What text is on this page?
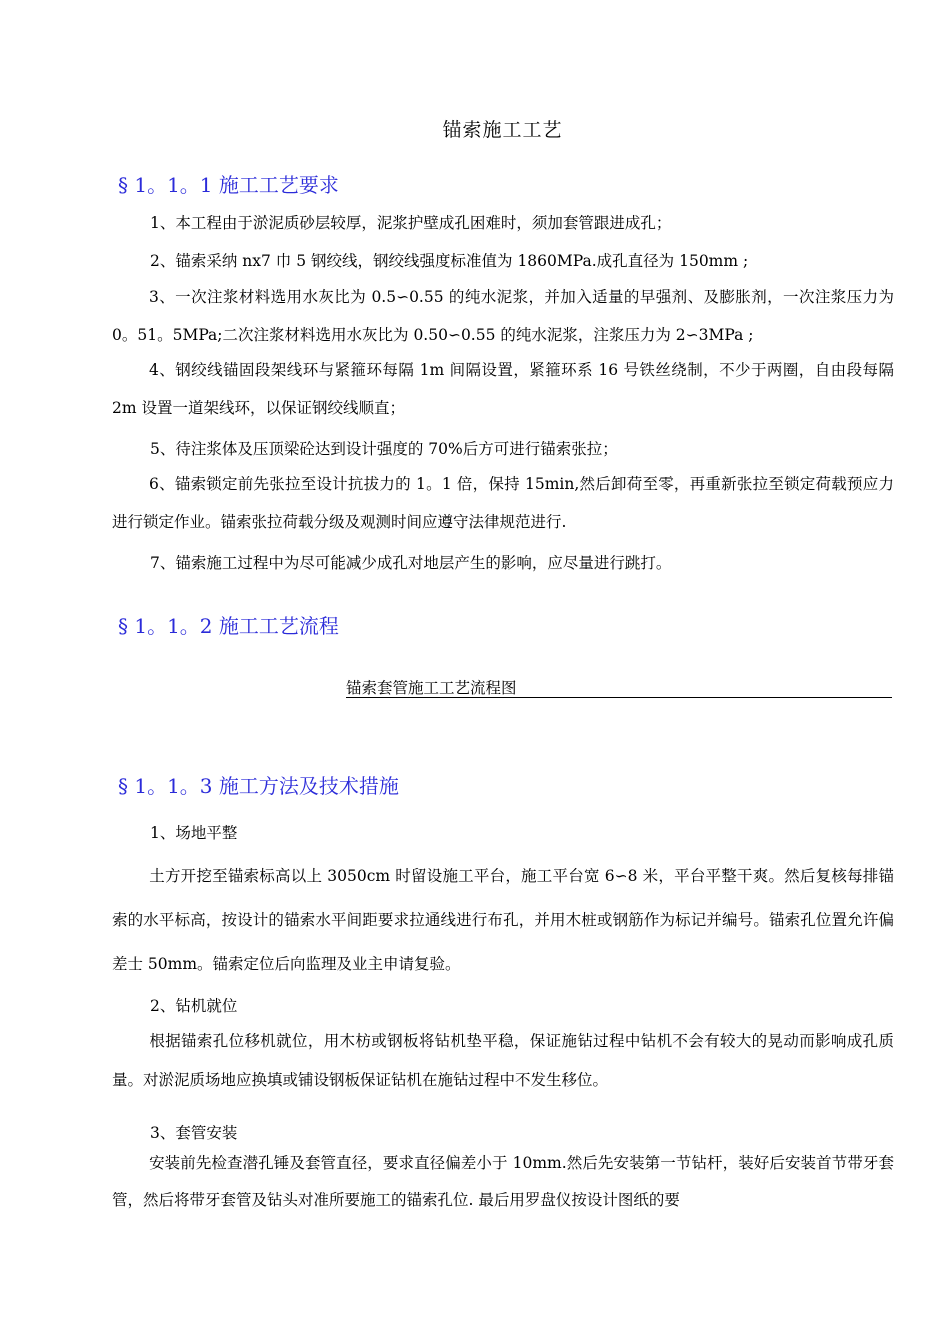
锚索施工工艺
§ 1。1。1 施工工艺要求
1、本工程由于淤泥质砂层较厚，泥浆护壁成孔困难时，须加套管跟进成孔；
2、锚索采纳 nx7 巾 5 钢绞线，钢绞线强度标准值为 1860MPa.成孔直径为 150mm ;
3、一次注浆材料选用水灰比为 0.5∽0.55 的纯水泥浆，并加入适量的早强剂、及膨胀剂，一次注浆压力为 0。51。5MPa;二次注浆材料选用水灰比为 0.50∽0.55 的纯水泥浆，注浆压力为 2∽3MPa ;
4、钢绞线锚固段架线环与紧箍环每隔 1m 间隔设置，紧箍环系 16 号铁丝绕制，不少于两圈，自由段每隔 2m 设置一道架线环，以保证钢绞线顺直；
5、待注浆体及压顶梁砼达到设计强度的 70%后方可进行锚索张拉；
6、锚索锁定前先张拉至设计抗拔力的 1。1 倍，保持 15min,然后卸荷至零，再重新张拉至锁定荷载预应力进行锁定作业。锚索张拉荷载分级及观测时间应遵守法律规范进行.
7、锚索施工过程中为尽可能减少成孔对地层产生的影响，应尽量进行跳打。
§ 1。1。2 施工工艺流程
锚索套管施工工艺流程图
§ 1。1。3 施工方法及技术措施
1、场地平整
土方开挖至锚索标高以上 3050cm 时留设施工平台，施工平台宽 6∽8 米，平台平整干爽。然后复核每排锚索的水平标高，按设计的锚索水平间距要求拉通线进行布孔，并用木桩或钢筋作为标记并编号。锚索孔位置允许偏差士 50mm。锚索定位后向监理及业主申请复验。
2、钻机就位
根据锚索孔位移机就位，用木枋或钢板将钻机垫平稳，保证施钻过程中钻机不会有较大的晃动而影响成孔质量。对淤泥质场地应换填或铺设钢板保证钻机在施钻过程中不发生移位。
3、套管安装
安装前先检查潜孔锤及套管直径，要求直径偏差小于 10mm.然后先安装第一节钻杆，装好后安装首节带牙套管，然后将带牙套管及钻头对准所要施工的锚索孔位. 最后用罗盘仪按设计图纸的要
